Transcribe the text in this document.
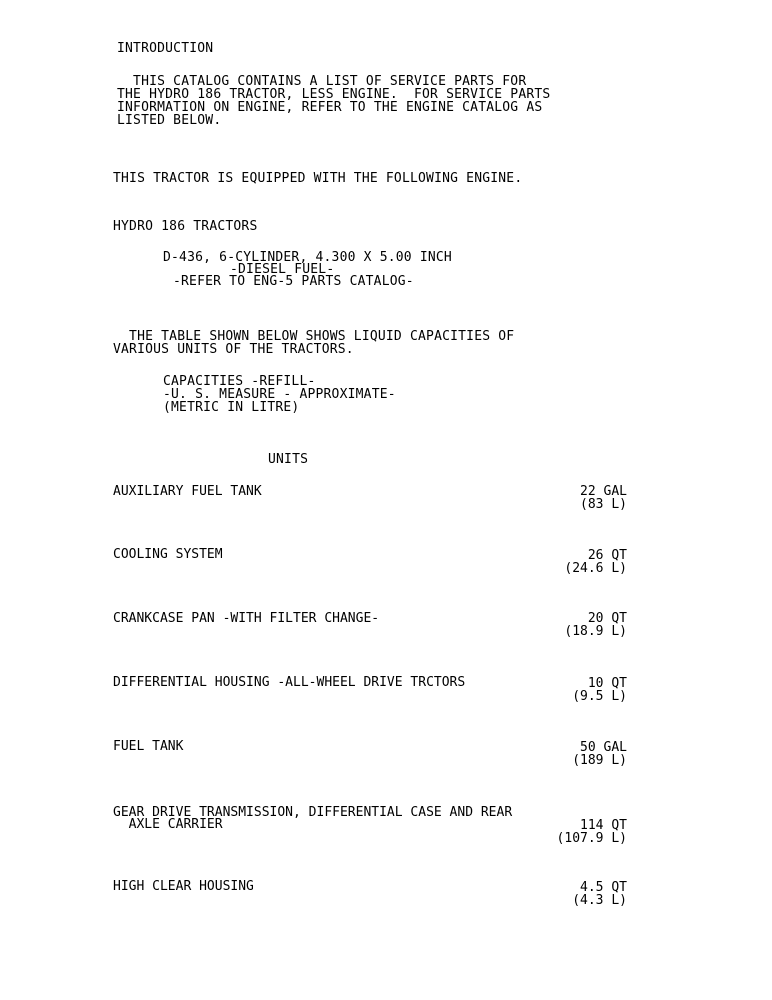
INTRODUCTION
THIS CATALOG CONTAINS A LIST OF SERVICE PARTS FOR
THE HYDRO 186 TRACTOR, LESS ENGINE.  FOR SERVICE PARTS
INFORMATION ON ENGINE, REFER TO THE ENGINE CATALOG AS
LISTED BELOW.
THIS TRACTOR IS EQUIPPED WITH THE FOLLOWING ENGINE.
HYDRO 186 TRACTORS
D-436, 6-CYLINDER, 4.300 X 5.00 INCH
-DIESEL FUEL-
-REFER TO ENG-5 PARTS CATALOG-
THE TABLE SHOWN BELOW SHOWS LIQUID CAPACITIES OF
VARIOUS UNITS OF THE TRACTORS.
CAPACITIES -REFILL-
-U. S. MEASURE - APPROXIMATE-
(METRIC IN LITRE)
UNITS
AUXILIARY FUEL TANK	22 GAL
(83 L)
COOLING SYSTEM	26 QT
(24.6 L)
CRANKCASE PAN -WITH FILTER CHANGE-	20 QT
(18.9 L)
DIFFERENTIAL HOUSING -ALL-WHEEL DRIVE TRCTORS	10 QT
(9.5 L)
FUEL TANK	50 GAL
(189 L)
GEAR DRIVE TRANSMISSION, DIFFERENTIAL CASE AND REAR
AXLE CARRIER	114 QT
(107.9 L)
HIGH CLEAR HOUSING	4.5 QT
(4.3 L)
